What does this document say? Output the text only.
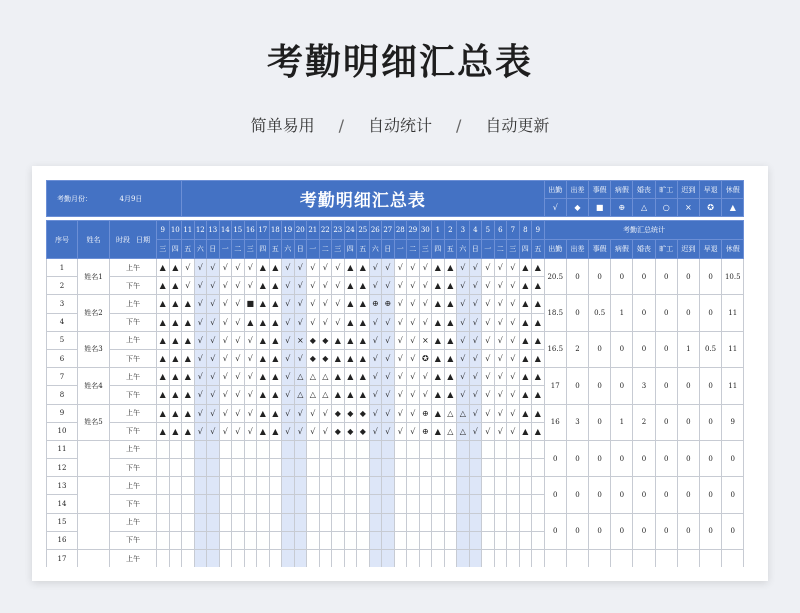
考勤明细汇总表
简单易用 / 自动统计 / 自动更新
考勤月份：		4月9日			考勤明细汇总表																													出勤	出差	事假	病假	婚丧	旷工	迟到	早退	休假
																																		√	◆	■	⊕	△	○	×	✪	▲

序号	姓名	时段 日期	9	10	11	12	13	14	15	16	17	18	19	20	21	22	23	24	25	26	27	28	29	30	1	2	3	4	5	6	7	8	9	考勤汇总统计								
			三	四	五	六	日	一	二	三	四	五	六	日	一	二	三	四	五	六	日	一	二	三	四	五	六	日	一	二	三	四	五	出勤	出差	事假	病假	婚丧	旷工	迟到	早退	休假
1	姓名1	上午	▲	▲	√	√	√	√	√	√	▲	▲	√	√	√	√	√	▲	▲	√	√	√	√	√	▲	▲	√	√	√	√	√	▲	▲	20.5	0	0	0	0	0	0	0	10.5
2		下午	▲	▲	√	√	√	√	√	√	▲	▲	√	√	√	√	√	▲	▲	√	√	√	√	√	▲	▲	√	√	√	√	√	▲	▲									
3	姓名2	上午	▲	▲	▲	√	√	√	√	■	▲	▲	√	√	√	√	√	▲	▲	⊕	⊕	√	√	√	▲	▲	√	√	√	√	√	▲	▲	18.5	0	0.5	1	0	0	0	0	11
4		下午	▲	▲	▲	√	√	√	√	▲	▲	▲	√	√	√	√	√	▲	▲	√	√	√	√	√	▲	▲	√	√	√	√	√	▲	▲									
5	姓名3	上午	▲	▲	▲	√	√	√	√	√	▲	▲	√	×	◆	◆	▲	▲	▲	√	√	√	√	×	▲	▲	√	√	√	√	√	▲	▲	16.5	2	0	0	0	0	1	0.5	11
6		下午	▲	▲	▲	√	√	√	√	√	▲	▲	√	√	◆	◆	▲	▲	▲	√	√	√	√	✪	▲	▲	√	√	√	√	√	▲	▲									
7	姓名4	上午	▲	▲	▲	√	√	√	√	√	▲	▲	√	△	△	△	▲	▲	▲	√	√	√	√	√	▲	▲	√	√	√	√	√	▲	▲	17	0	0	0	3	0	0	0	11
8		下午	▲	▲	▲	√	√	√	√	√	▲	▲	√	△	△	△	▲	▲	▲	√	√	√	√	√	▲	▲	√	√	√	√	√	▲	▲									
9	姓名5	上午	▲	▲	▲	√	√	√	√	√	▲	▲	√	√	√	√	◆	◆	◆	√	√	√	√	⊕	▲	△	△	√	√	√	√	▲	▲	16	3	0	1	2	0	0	0	9
10		下午	▲	▲	▲	√	√	√	√	√	▲	▲	√	√	√	√	◆	◆	◆	√	√	√	√	⊕	▲	△	△	√	√	√	√	▲	▲									
11		上午																																0	0	0	0	0	0	0	0	0
12		下午																																								
13		上午																																0	0	0	0	0	0	0	0	0
14		下午																																								
15		上午																																0	0	0	0	0	0	0	0	0
16		下午																																								
17		上午																																								
